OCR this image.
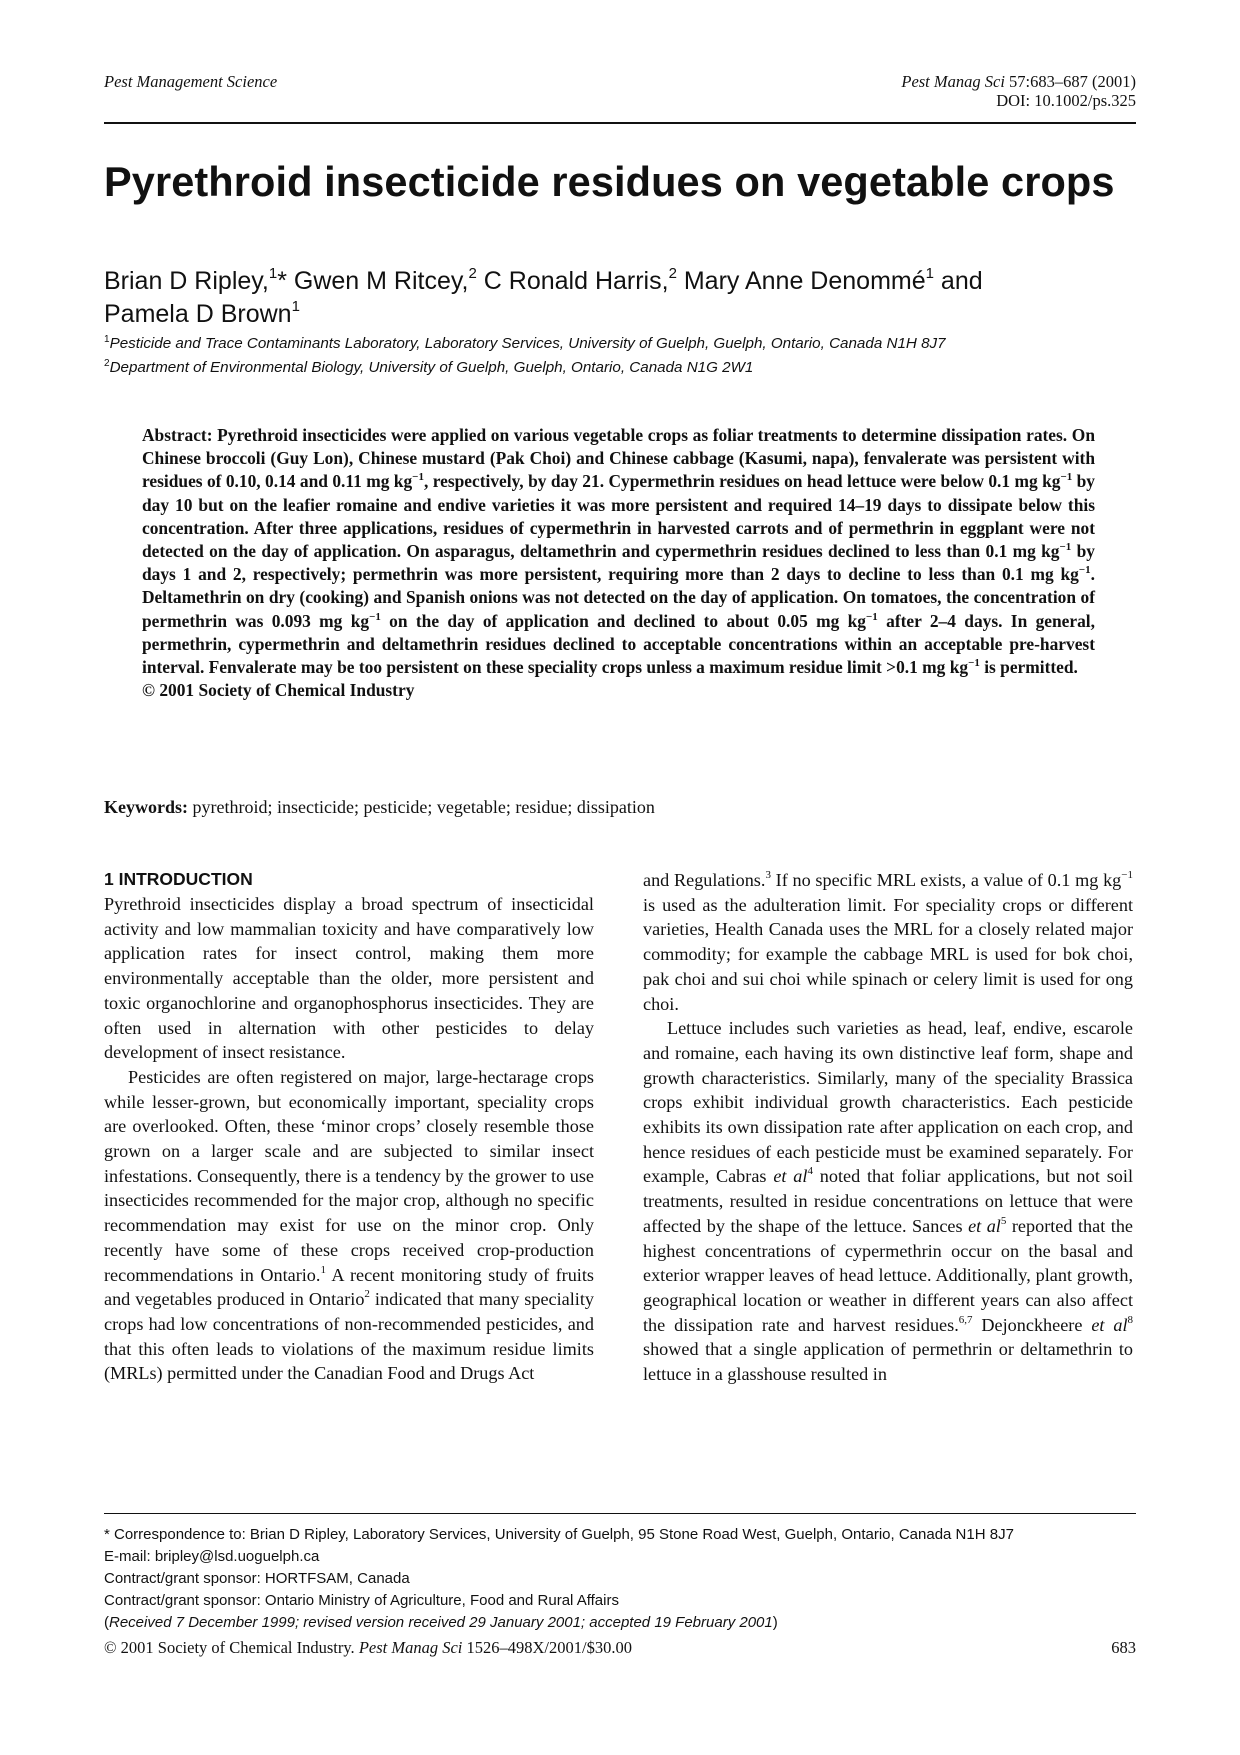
Pest Management Science	Pest Manag Sci 57:683–687 (2001)
DOI: 10.1002/ps.325
Pyrethroid insecticide residues on vegetable crops
Brian D Ripley,$^1$* Gwen M Ritcey,$^2$ C Ronald Harris,$^2$ Mary Anne Denommé$^1$ and
Pamela D Brown$^1$
$^1$Pesticide and Trace Contaminants Laboratory, Laboratory Services, University of Guelph, Guelph, Ontario, Canada N1H 8J7
$^2$Department of Environmental Biology, University of Guelph, Guelph, Ontario, Canada N1G 2W1
Abstract: Pyrethroid insecticides were applied on various vegetable crops as foliar treatments to determine dissipation rates. On Chinese broccoli (Guy Lon), Chinese mustard (Pak Choi) and Chinese cabbage (Kasumi, napa), fenvalerate was persistent with residues of 0.10, 0.14 and 0.11 mg $kg^{-1}$, respectively, by day 21. Cypermethrin residues on head lettuce were below 0.1 mg $kg^{-1}$ by day 10 but on the leafier romaine and endive varieties it was more persistent and required 14–19 days to dissipate below this concentration. After three applications, residues of cypermethrin in harvested carrots and of permethrin in eggplant were not detected on the day of application. On asparagus, deltamethrin and cypermethrin residues declined to less than 0.1 mg $kg^{-1}$ by days 1 and 2, respectively; permethrin was more persistent, requiring more than 2 days to decline to less than 0.1 mg $kg^{-1}$. Deltamethrin on dry (cooking) and Spanish onions was not detected on the day of application. On tomatoes, the concentration of permethrin was 0.093 mg $kg^{-1}$ on the day of application and declined to about 0.05 mg $kg^{-1}$ after 2–4 days. In general, permethrin, cypermethrin and deltamethrin residues declined to acceptable concentrations within an acceptable pre-harvest interval. Fenvalerate may be too persistent on these speciality crops unless a maximum residue limit >0.1 mg $kg^{-1}$ is permitted.
© 2001 Society of Chemical Industry
Keywords: pyrethroid; insecticide; pesticide; vegetable; residue; dissipation
1 INTRODUCTION

Pyrethroid insecticides display a broad spectrum of insecticidal activity and low mammalian toxicity and have comparatively low application rates for insect control, making them more environmentally acceptable than the older, more persistent and toxic organochlorine and organophosphorus insecticides. They are often used in alternation with other pesticides to delay development of insect resistance.

Pesticides are often registered on major, large-hectarage crops while lesser-grown, but economically important, speciality crops are overlooked. Often, these ‘minor crops’ closely resemble those grown on a larger scale and are subjected to similar insect infestations. Consequently, there is a tendency by the grower to use insecticides recommended for the major crop, although no specific recommendation may exist for use on the minor crop. Only recently have some of these crops received crop-production recommendations in Ontario.$^1$ A recent monitoring study of fruits and vegetables produced in Ontario$^2$ indicated that many speciality crops had low concentrations of non-recommended pesticides, and that this often leads to violations of the maximum residue limits (MRLs) permitted under the Canadian Food and Drugs Act

and Regulations.$^3$ If no specific MRL exists, a value of 0.1 mg $kg^{-1}$ is used as the adulteration limit. For speciality crops or different varieties, Health Canada uses the MRL for a closely related major commodity; for example the cabbage MRL is used for bok choi, pak choi and sui choi while spinach or celery limit is used for ong choi.

Lettuce includes such varieties as head, leaf, endive, escarole and romaine, each having its own distinctive leaf form, shape and growth characteristics. Similarly, many of the speciality Brassica crops exhibit individual growth characteristics. Each pesticide exhibits its own dissipation rate after application on each crop, and hence residues of each pesticide must be examined separately. For example, Cabras et $al^4$ noted that foliar applications, but not soil treatments, resulted in residue concentrations on lettuce that were affected by the shape of the lettuce. Sances et $al^5$ reported that the highest concentrations of cypermethrin occur on the basal and exterior wrapper leaves of head lettuce. Additionally, plant growth, geographical location or weather in different years can also affect the dissipation rate and harvest residues.$^{6,7}$ Dejonckheere et $al^8$ showed that a single application of permethrin or deltamethrin to lettuce in a glasshouse resulted in

* Correspondence to: Brian D Ripley, Laboratory Services, University of Guelph, 95 Stone Road West, Guelph, Ontario, Canada N1H 8J7
E-mail: bripley@lsd.uoguelph.ca
Contract/grant sponsor: HORTFSAM, Canada
Contract/grant sponsor: Ontario Ministry of Agriculture, Food and Rural Affairs
(Received 7 December 1999; revised version received 29 January 2001; accepted 19 February 2001)
© 2001 Society of Chemical Industry. Pest Manag Sci 1526–498X/2001/$30.00	683
